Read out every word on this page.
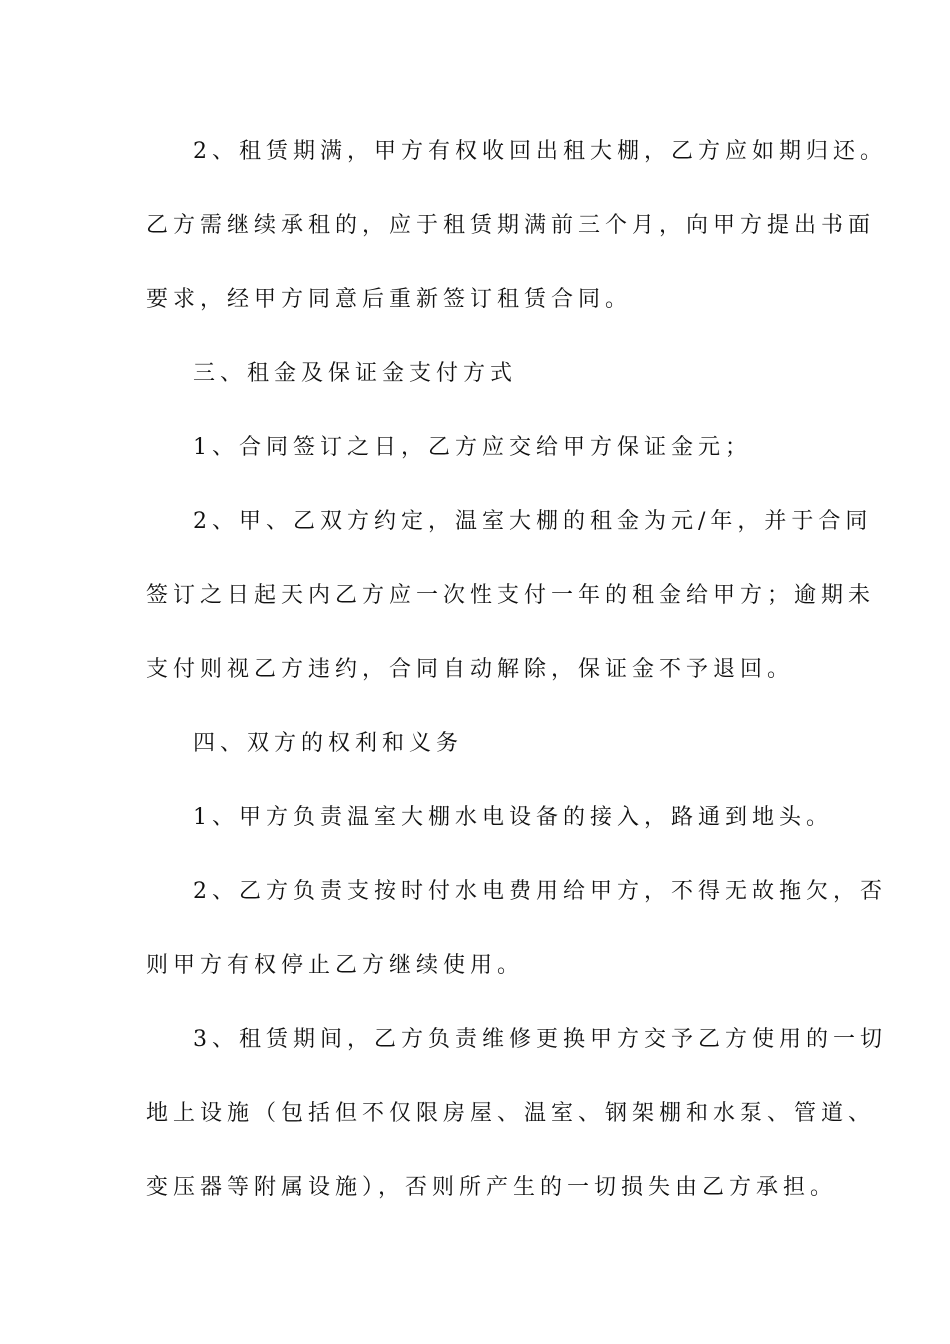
2、租赁期满，甲方有权收回出租大棚，乙方应如期归还。
乙方需继续承租的，应于租赁期满前三个月，向甲方提出书面
要求，经甲方同意后重新签订租赁合同。
三、租金及保证金支付方式
1、合同签订之日，乙方应交给甲方保证金元；
2、甲、乙双方约定，温室大棚的租金为元/年，并于合同
签订之日起天内乙方应一次性支付一年的租金给甲方；逾期未
支付则视乙方违约，合同自动解除，保证金不予退回。
四、双方的权利和义务
1、甲方负责温室大棚水电设备的接入，路通到地头。
2、乙方负责支按时付水电费用给甲方，不得无故拖欠，否
则甲方有权停止乙方继续使用。
3、租赁期间，乙方负责维修更换甲方交予乙方使用的一切
地上设施（包括但不仅限房屋、温室、钢架棚和水泵、管道、
变压器等附属设施），否则所产生的一切损失由乙方承担。
